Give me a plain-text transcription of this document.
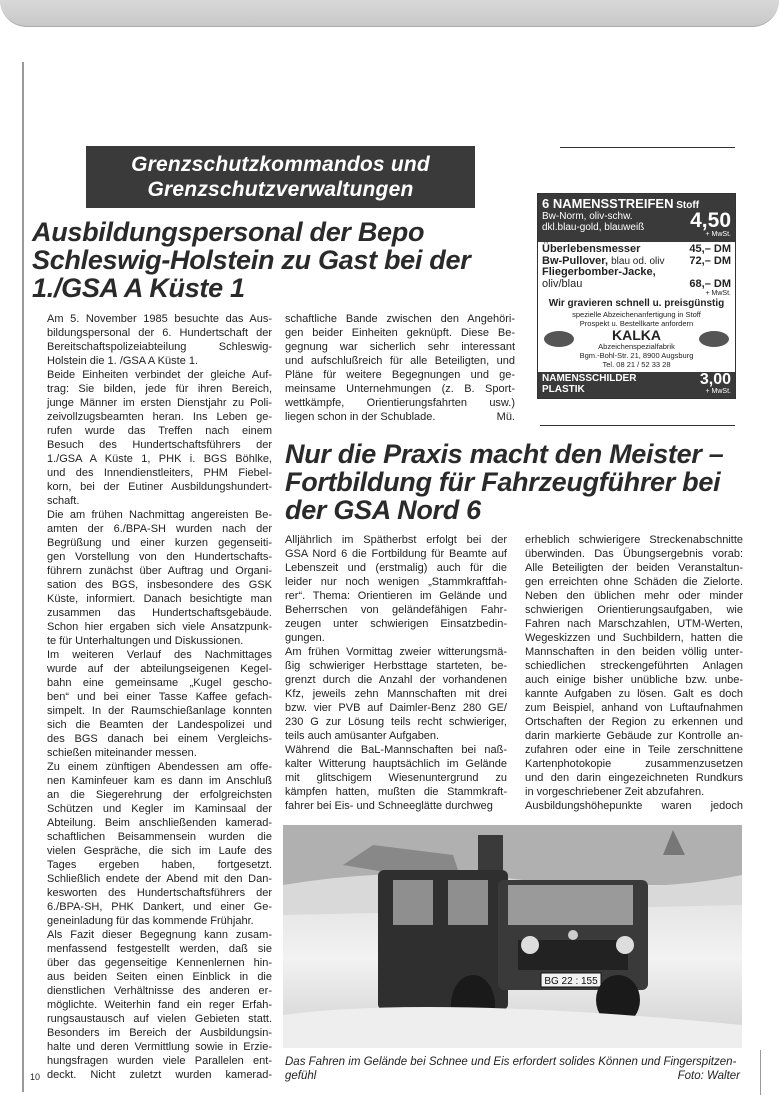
Grenzschutzkommandos und
Grenzschutzverwaltungen
Ausbildungspersonal der Bepo
Schleswig-Holstein zu Gast bei der
1./GSA A Küste 1
Am 5. November 1985 besuchte das Aus-
bildungspersonal der 6. Hundertschaft der
Bereitschaftspolizeiabteilung Schleswig-
Holstein die 1. /GSA A Küste 1.
Beide Einheiten verbindet der gleiche Auf-
trag: Sie bilden, jede für ihren Bereich,
junge Männer im ersten Dienstjahr zu Poli-
zeivollzugsbeamten heran. Ins Leben ge-
rufen wurde das Treffen nach einem
Besuch des Hundertschaftsführers der
1./GSA A Küste 1, PHK i. BGS Böhlke,
und des Innendienstleiters, PHM Fiebel-
korn, bei der Eutiner Ausbildungshundert-
schaft.
Die am frühen Nachmittag angereisten Be-
amten der 6./BPA-SH wurden nach der
Begrüßung und einer kurzen gegenseiti-
gen Vorstellung von den Hundertschafts-
führern zunächst über Auftrag und Organi-
sation des BGS, insbesondere des GSK
Küste, informiert. Danach besichtigte man
zusammen das Hundertschaftsgebäude.
Schon hier ergaben sich viele Ansatzpunk-
te für Unterhaltungen und Diskussionen.
Im weiteren Verlauf des Nachmittages
wurde auf der abteilungseigenen Kegel-
bahn eine gemeinsame „Kugel gescho-
ben“ und bei einer Tasse Kaffee gefach-
simpelt. In der Raumschießanlage konnten
sich die Beamten der Landespolizei und
des BGS danach bei einem Vergleichs-
schießen miteinander messen.
Zu einem zünftigen Abendessen am offe-
nen Kaminfeuer kam es dann im Anschluß
an die Siegerehrung der erfolgreichsten
Schützen und Kegler im Kaminsaal der
Abteilung. Beim anschließenden kamerad-
schaftlichen Beisammensein wurden die
vielen Gespräche, die sich im Laufe des
Tages ergeben haben, fortgesetzt.
Schließlich endete der Abend mit den Dan-
kesworten des Hundertschaftsführers der
6./BPA-SH, PHK Dankert, und einer Ge-
geneinladung für das kommende Frühjahr.
Als Fazit dieser Begegnung kann zusam-
menfassend festgestellt werden, daß sie
über das gegenseitige Kennenlernen hin-
aus beiden Seiten einen Einblick in die
dienstlichen Verhältnisse des anderen er-
möglichte. Weiterhin fand ein reger Erfah-
rungsaustausch auf vielen Gebieten statt.
Besonders im Bereich der Ausbildungsin-
halte und deren Vermittlung sowie in Erzie-
hungsfragen wurden viele Parallelen ent-
deckt. Nicht zuletzt wurden kamerad-
schaftliche Bande zwischen den Angehöri-
gen beider Einheiten geknüpft. Diese Be-
gegnung war sicherlich sehr interessant
und aufschlußreich für alle Beteiligten, und
Pläne für weitere Begegnungen und ge-
meinsame Unternehmungen (z. B. Sport-
wettkämpfe, Orientierungsfahrten usw.)
liegen schon in der Schublade.	Mü.
6 NAMENSSTREIFEN Stoff
Bw-Norm, oliv-schw.
dkl.blau-gold, blauweiß 4,50
+ MwSt.
Überlebensmesser	45,– DM
Bw-Pullover, blau od. oliv 72,– DM
Fliegerbomber-Jacke,
oliv/blau	68,– DM
+ MwSt.
Wir gravieren schnell u. preisgünstig
spezielle Abzeichenanfertigung in Stoff
Prospekt u. Bestellkarte anfordern
KALKA
Abzeichenspezialfabrik
Bgm.-Bohl-Str. 21, 8900 Augsburg
Tel. 08 21 / 52 33 28
NAMENSSCHILDER
PLASTIK
3,00
+ MwSt.
Nur die Praxis macht den Meister –
Fortbildung für Fahrzeugführer bei
der GSA Nord 6
Alljährlich im Spätherbst erfolgt bei der
GSA Nord 6 die Fortbildung für Beamte auf
Lebenszeit und (erstmalig) auch für die
leider nur noch wenigen „Stammkraftfah-
rer“. Thema: Orientieren im Gelände und
Beherrschen von geländefähigen Fahr-
zeugen unter schwierigen Einsatzbedin-
gungen.
Am frühen Vormittag zweier witterungsmä-
ßig schwieriger Herbsttage starteten, be-
grenzt durch die Anzahl der vorhandenen
Kfz, jeweils zehn Mannschaften mit drei
bzw. vier PVB auf Daimler-Benz 280 GE/
230 G zur Lösung teils recht schwieriger,
teils auch amüsanter Aufgaben.
Während die BaL-Mannschaften bei naß-
kalter Witterung hauptsächlich im Gelände
mit glitschigem Wiesenuntergrund zu
kämpfen hatten, mußten die Stammkraft-
fahrer bei Eis- und Schneeglätte durchweg
erheblich schwierigere Streckenabschnitte
überwinden. Das Übungsergebnis vorab:
Alle Beteiligten der beiden Veranstaltun-
gen erreichten ohne Schäden die Zielorte.
Neben den üblichen mehr oder minder
schwierigen Orientierungsaufgaben, wie
Fahren nach Marschzahlen, UTM-Werten,
Wegeskizzen und Suchbildern, hatten die
Mannschaften in den beiden völlig unter-
schiedlichen streckengeführten Anlagen
auch einige bisher unübliche bzw. unbe-
kannte Aufgaben zu lösen. Galt es doch
zum Beispiel, anhand von Luftaufnahmen
Ortschaften der Region zu erkennen und
darin markierte Gebäude zur Kontrolle an-
zufahren oder eine in Teile zerschnittene
Kartenphotokopie zusammenzusetzen
und den darin eingezeichneten Rundkurs
in vorgeschriebener Zeit abzufahren.
Ausbildungshöhepunkte waren jedoch
BG 22 : 155
Das Fahren im Gelände bei Schnee und Eis erfordert solides Können und Fingerspitzen-gefühl	Foto: Walter
10
